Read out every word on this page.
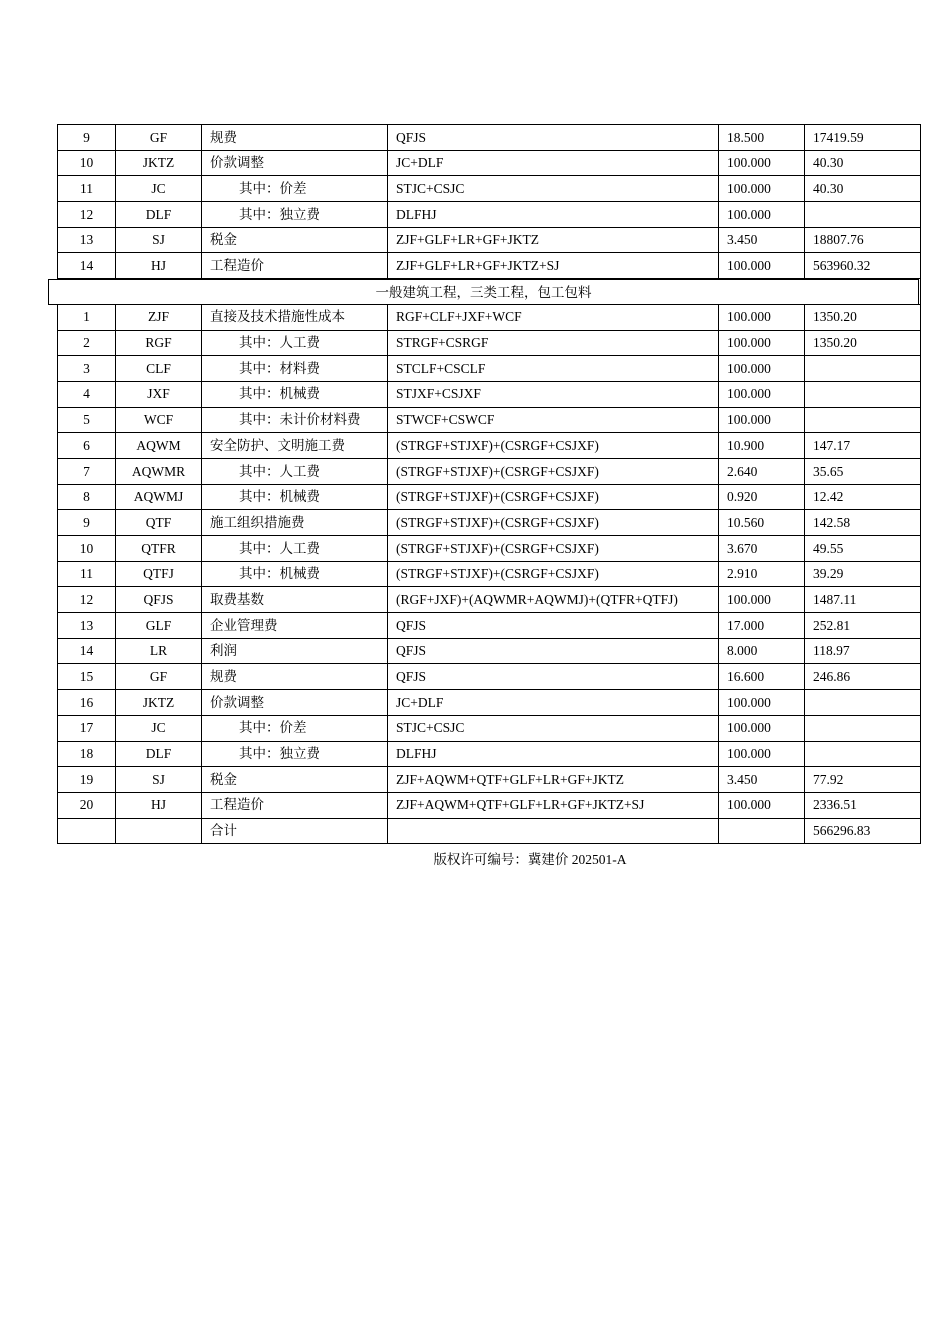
9	GF	规费	QFJS	18.500	17419.59
10	JKTZ	价款调整	JC+DLF	100.000	40.30
11	JC	其中：价差	STJC+CSJC	100.000	40.30
12	DLF	其中：独立费	DLFHJ	100.000	
13	SJ	税金	ZJF+GLF+LR+GF+JKTZ	3.450	18807.76
14	HJ	工程造价	ZJF+GLF+LR+GF+JKTZ+SJ	100.000	563960.32

1	ZJF	直接及技术措施性成本	RGF+CLF+JXF+WCF	100.000	1350.20
2	RGF	其中：人工费	STRGF+CSRGF	100.000	1350.20
3	CLF	其中：材料费	STCLF+CSCLF	100.000	
4	JXF	其中：机械费	STJXF+CSJXF	100.000	
5	WCF	其中：未计价材料费	STWCF+CSWCF	100.000	
6	AQWM	安全防护、文明施工费	(STRGF+STJXF)+(CSRGF+CSJXF)	10.900	147.17
7	AQWMR	其中：人工费	(STRGF+STJXF)+(CSRGF+CSJXF)	2.640	35.65
8	AQWMJ	其中：机械费	(STRGF+STJXF)+(CSRGF+CSJXF)	0.920	12.42
9	QTF	施工组织措施费	(STRGF+STJXF)+(CSRGF+CSJXF)	10.560	142.58
10	QTFR	其中：人工费	(STRGF+STJXF)+(CSRGF+CSJXF)	3.670	49.55
11	QTFJ	其中：机械费	(STRGF+STJXF)+(CSRGF+CSJXF)	2.910	39.29
12	QFJS	取费基数	(RGF+JXF)+(AQWMR+AQWMJ)+(QTFR+QTFJ)	100.000	1487.11
13	GLF	企业管理费	QFJS	17.000	252.81
14	LR	利润	QFJS	8.000	118.97
15	GF	规费	QFJS	16.600	246.86
16	JKTZ	价款调整	JC+DLF	100.000	
17	JC	其中：价差	STJC+CSJC	100.000	
18	DLF	其中：独立费	DLFHJ	100.000	
19	SJ	税金	ZJF+AQWM+QTF+GLF+LR+GF+JKTZ	3.450	77.92
20	HJ	工程造价	ZJF+AQWM+QTF+GLF+LR+GF+JKTZ+SJ	100.000	2336.51
		合计			566296.83
版权许可编号：冀建价 202501-A
一般建筑工程，三类工程，包工包料
